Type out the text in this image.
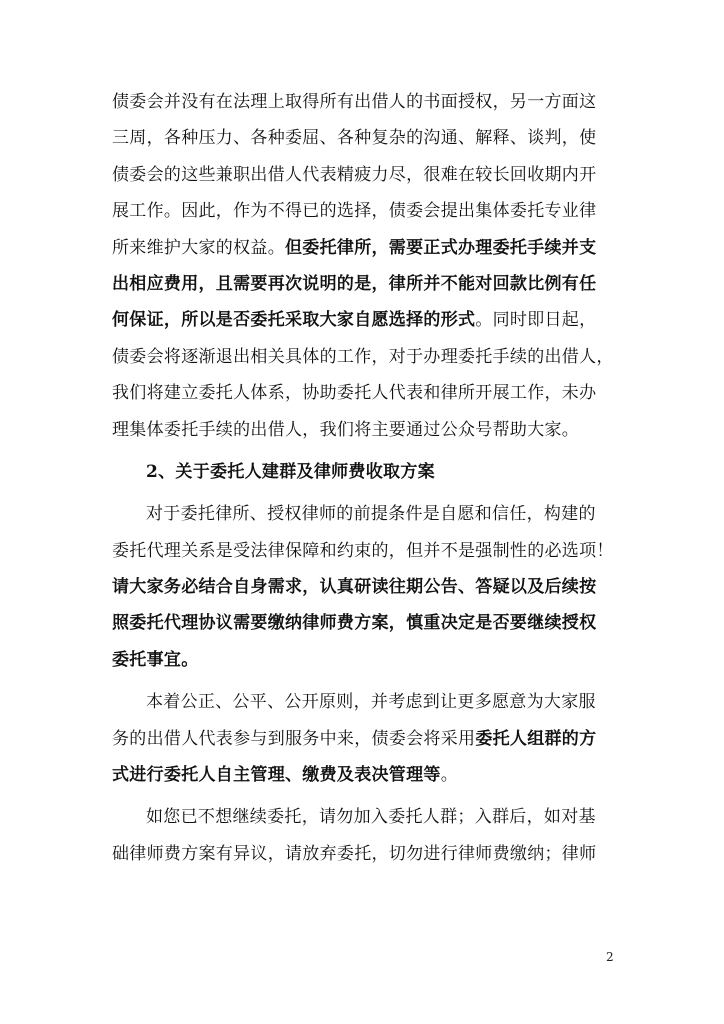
债委会并没有在法理上取得所有出借人的书面授权，另一方面这
三周，各种压力、各种委屈、各种复杂的沟通、解释、谈判，使
债委会的这些兼职出借人代表精疲力尽，很难在较长回收期内开
展工作。因此，作为不得已的选择，债委会提出集体委托专业律
所来维护大家的权益。但委托律所，需要正式办理委托手续并支
出相应费用，且需要再次说明的是，律所并不能对回款比例有任
何保证，所以是否委托采取大家自愿选择的形式。同时即日起，
债委会将逐渐退出相关具体的工作，对于办理委托手续的出借人，
我们将建立委托人体系，协助委托人代表和律所开展工作，未办
理集体委托手续的出借人，我们将主要通过公众号帮助大家。
2、关于委托人建群及律师费收取方案
对于委托律所、授权律师的前提条件是自愿和信任，构建的
委托代理关系是受法律保障和约束的，但并不是强制性的必选项！
请大家务必结合自身需求，认真研读往期公告、答疑以及后续按
照委托代理协议需要缴纳律师费方案，慎重决定是否要继续授权
委托事宜。
本着公正、公平、公开原则，并考虑到让更多愿意为大家服
务的出借人代表参与到服务中来，债委会将采用委托人组群的方
式进行委托人自主管理、缴费及表决管理等。
如您已不想继续委托，请勿加入委托人群；入群后，如对基
础律师费方案有异议，请放弃委托，切勿进行律师费缴纳；律师
2
